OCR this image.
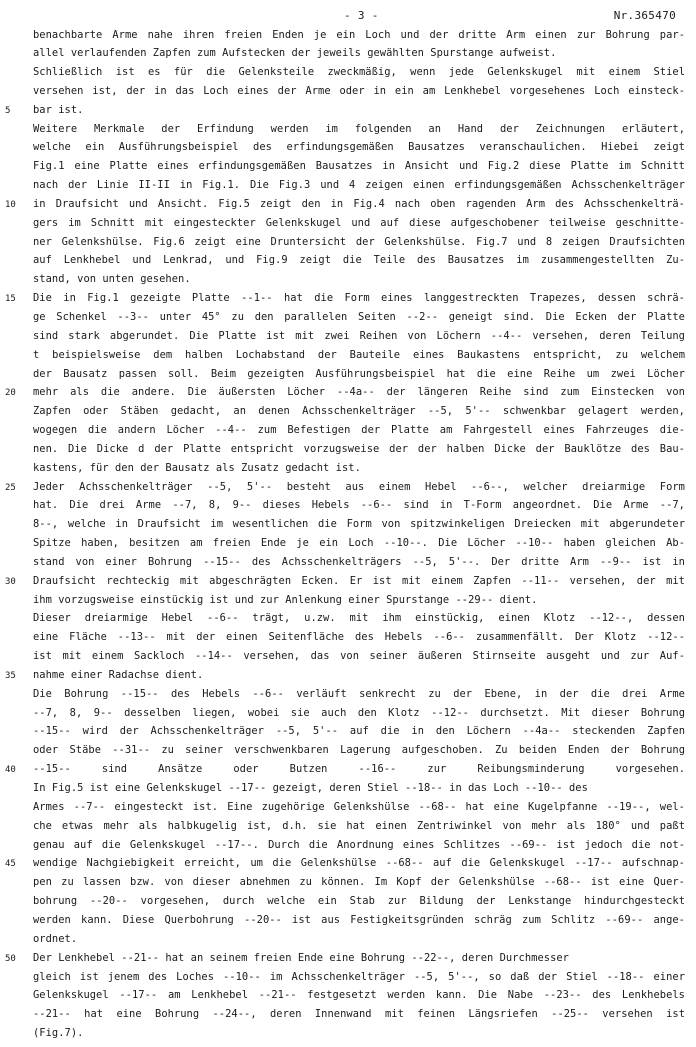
- 3 -	Nr.365470
benachbarte Arme nahe ihren freien Enden je ein Loch und der dritte Arm einen zur Bohrung par-
allel verlaufenden Zapfen zum Aufstecken der jeweils gewählten Spurstange aufweist.
Schließlich ist es für die Gelenksteile zweckmäßig, wenn jede Gelenkskugel mit einem Stiel
versehen ist, der in das Loch eines der Arme oder in ein am Lenkhebel vorgesehenes Loch einsteck-
bar ist.
Weitere Merkmale der Erfindung werden im folgenden an Hand der Zeichnungen erläutert,
welche ein Ausführungsbeispiel des erfindungsgemäßen Bausatzes veranschaulichen. Hiebei zeigt
Fig.1 eine Platte eines erfindungsgemäßen Bausatzes in Ansicht und Fig.2 diese Platte im Schnitt
nach der Linie II-II in Fig.1. Die Fig.3 und 4 zeigen einen erfindungsgemäßen Achsschenkelträger
in Draufsicht und Ansicht. Fig.5 zeigt den in Fig.4 nach oben ragenden Arm des Achsschenkelträ-
gers im Schnitt mit eingesteckter Gelenkskugel und auf diese aufgeschobener teilweise geschnitte-
ner Gelenkshülse. Fig.6 zeigt eine Druntersicht der Gelenkshülse. Fig.7 und 8 zeigen Draufsichten
auf Lenkhebel und Lenkrad, und Fig.9 zeigt die Teile des Bausatzes im zusammengestellten Zu-
stand, von unten gesehen.
Die in Fig.1 gezeigte Platte --1-- hat die Form eines langgestreckten Trapezes, dessen schrä-
ge Schenkel --3-- unter 45° zu den parallelen Seiten --2-- geneigt sind. Die Ecken der Platte
sind stark abgerundet. Die Platte ist mit zwei Reihen von Löchern --4-- versehen, deren Teilung
t beispielsweise dem halben Lochabstand der Bauteile eines Baukastens entspricht, zu welchem
der Bausatz passen soll. Beim gezeigten Ausführungsbeispiel hat die eine Reihe um zwei Löcher
mehr als die andere. Die äußersten Löcher --4a-- der längeren Reihe sind zum Einstecken von
Zapfen oder Stäben gedacht, an denen Achsschenkelträger --5, 5'-- schwenkbar gelagert werden,
wogegen die andern Löcher --4-- zum Befestigen der Platte am Fahrgestell eines Fahrzeuges die-
nen. Die Dicke d der Platte entspricht vorzugsweise der der halben Dicke der Bauklötze des Bau-
kastens, für den der Bausatz als Zusatz gedacht ist.
Jeder Achsschenkelträger --5, 5'-- besteht aus einem Hebel --6--, welcher dreiarmige Form
hat. Die drei Arme --7, 8, 9-- dieses Hebels --6-- sind in T-Form angeordnet. Die Arme --7,
8--, welche in Draufsicht im wesentlichen die Form von spitzwinkeligen Dreiecken mit abgerundeter
Spitze haben, besitzen am freien Ende je ein Loch --10--. Die Löcher --10-- haben gleichen Ab-
stand von einer Bohrung --15-- des Achsschenkelträgers --5, 5'--. Der dritte Arm --9-- ist in
Draufsicht rechteckig mit abgeschrägten Ecken. Er ist mit einem Zapfen --11-- versehen, der mit
ihm vorzugsweise einstückig ist und zur Anlenkung einer Spurstange --29-- dient.
Dieser dreiarmige Hebel --6-- trägt, u.zw. mit ihm einstückig, einen Klotz --12--, dessen
eine Fläche --13-- mit der einen Seitenfläche des Hebels --6-- zusammenfällt. Der Klotz --12--
ist mit einem Sackloch --14-- versehen, das von seiner äußeren Stirnseite ausgeht und zur Auf-
nahme einer Radachse dient.
Die Bohrung --15-- des Hebels --6-- verläuft senkrecht zu der Ebene, in der die drei Arme
--7, 8, 9-- desselben liegen, wobei sie auch den Klotz --12-- durchsetzt. Mit dieser Bohrung
--15-- wird der Achsschenkelträger --5, 5'-- auf die in den Löchern --4a-- steckenden Zapfen
oder Stäbe --31-- zu seiner verschwenkbaren Lagerung aufgeschoben. Zu beiden Enden der Bohrung
--15-- sind Ansätze oder Butzen --16-- zur Reibungsminderung vorgesehen.
In Fig.5 ist eine Gelenkskugel --17-- gezeigt, deren Stiel --18-- in das Loch --10-- des
Armes --7-- eingesteckt ist. Eine zugehörige Gelenkshülse --68-- hat eine Kugelpfanne --19--, wel-
che etwas mehr als halbkugelig ist, d.h. sie hat einen Zentriwinkel von mehr als 180° und paßt
genau auf die Gelenkskugel --17--. Durch die Anordnung eines Schlitzes --69-- ist jedoch die not-
wendige Nachgiebigkeit erreicht, um die Gelenkshülse --68-- auf die Gelenkskugel --17-- aufschnap-
pen zu lassen bzw. von dieser abnehmen zu können. Im Kopf der Gelenkshülse --68-- ist eine Quer-
bohrung --20-- vorgesehen, durch welche ein Stab zur Bildung der Lenkstange hindurchgesteckt
werden kann. Diese Querbohrung --20-- ist aus Festigkeitsgründen schräg zum Schlitz --69-- ange-
ordnet.
Der Lenkhebel --21-- hat an seinem freien Ende eine Bohrung --22--, deren Durchmesser
gleich ist jenem des Loches --10-- im Achsschenkelträger --5, 5'--, so daß der Stiel --18-- einer
Gelenkskugel --17-- am Lenkhebel --21-- festgesetzt werden kann. Die Nabe --23-- des Lenkhebels
--21-- hat eine Bohrung --24--, deren Innenwand mit feinen Längsriefen --25-- versehen ist
(Fig.7).
5
10
15
20
25
30
35
40
45
50
